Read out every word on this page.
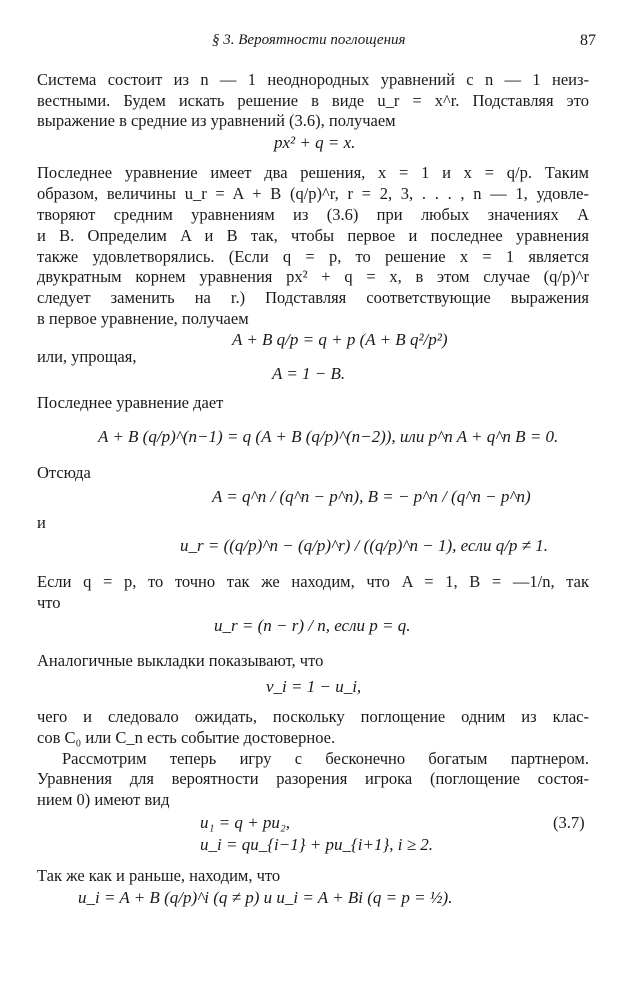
§ 3. Вероятности поглощения	87
Система состоит из n — 1 неоднородных уравнений с n — 1 неиз-
вестными. Будем искать решение в виде u_r = x^r. Подставляя это
выражение в средние из уравнений (3.6), получаем
px² + q = x.
Последнее уравнение имеет два решения, x = 1 и x = q/p. Таким
образом, величины u_r = A + B (q/p)^r, r = 2, 3, . . . , n — 1, удовле-
творяют средним уравнениям из (3.6) при любых значениях A
и B. Определим A и B так, чтобы первое и последнее уравнения
также удовлетворялись. (Если q = p, то решение x = 1 является
двукратным корнем уравнения px² + q = x, в этом случае (q/p)^r
следует заменить на r.) Подставляя соответствующие выражения
в первое уравнение, получаем
A + B q/p = q + p (A + B q²/p²)
или, упрощая,
A = 1 − B.
Последнее уравнение дает
A + B (q/p)^(n−1) = q (A + B (q/p)^(n−2)), или p^n A + q^n B = 0.
Отсюда
A = q^n / (q^n − p^n), B = − p^n / (q^n − p^n)
и
u_r = ((q/p)^n − (q/p)^r) / ((q/p)^n − 1), если q/p ≠ 1.
Если q = p, то точно так же находим, что A = 1, B = —1/n, так
что
u_r = (n − r) / n, если p = q.
Аналогичные выкладки показывают, что
v_i = 1 − u_i,
чего и следовало ожидать, поскольку поглощение одним из клас-
сов C₀ или C_n есть событие достоверное.
Рассмотрим теперь игру с бесконечно богатым партнером.
Уравнения для вероятности разорения игрока (поглощение состоя-
нием 0) имеют вид
u₁ = q + pu₂,	(3.7)
u_i = qu_{i−1} + pu_{i+1}, i ≥ 2.
Так же как и раньше, находим, что
u_i = A + B (q/p)^i (q ≠ p) и u_i = A + Bi (q = p = ½).
